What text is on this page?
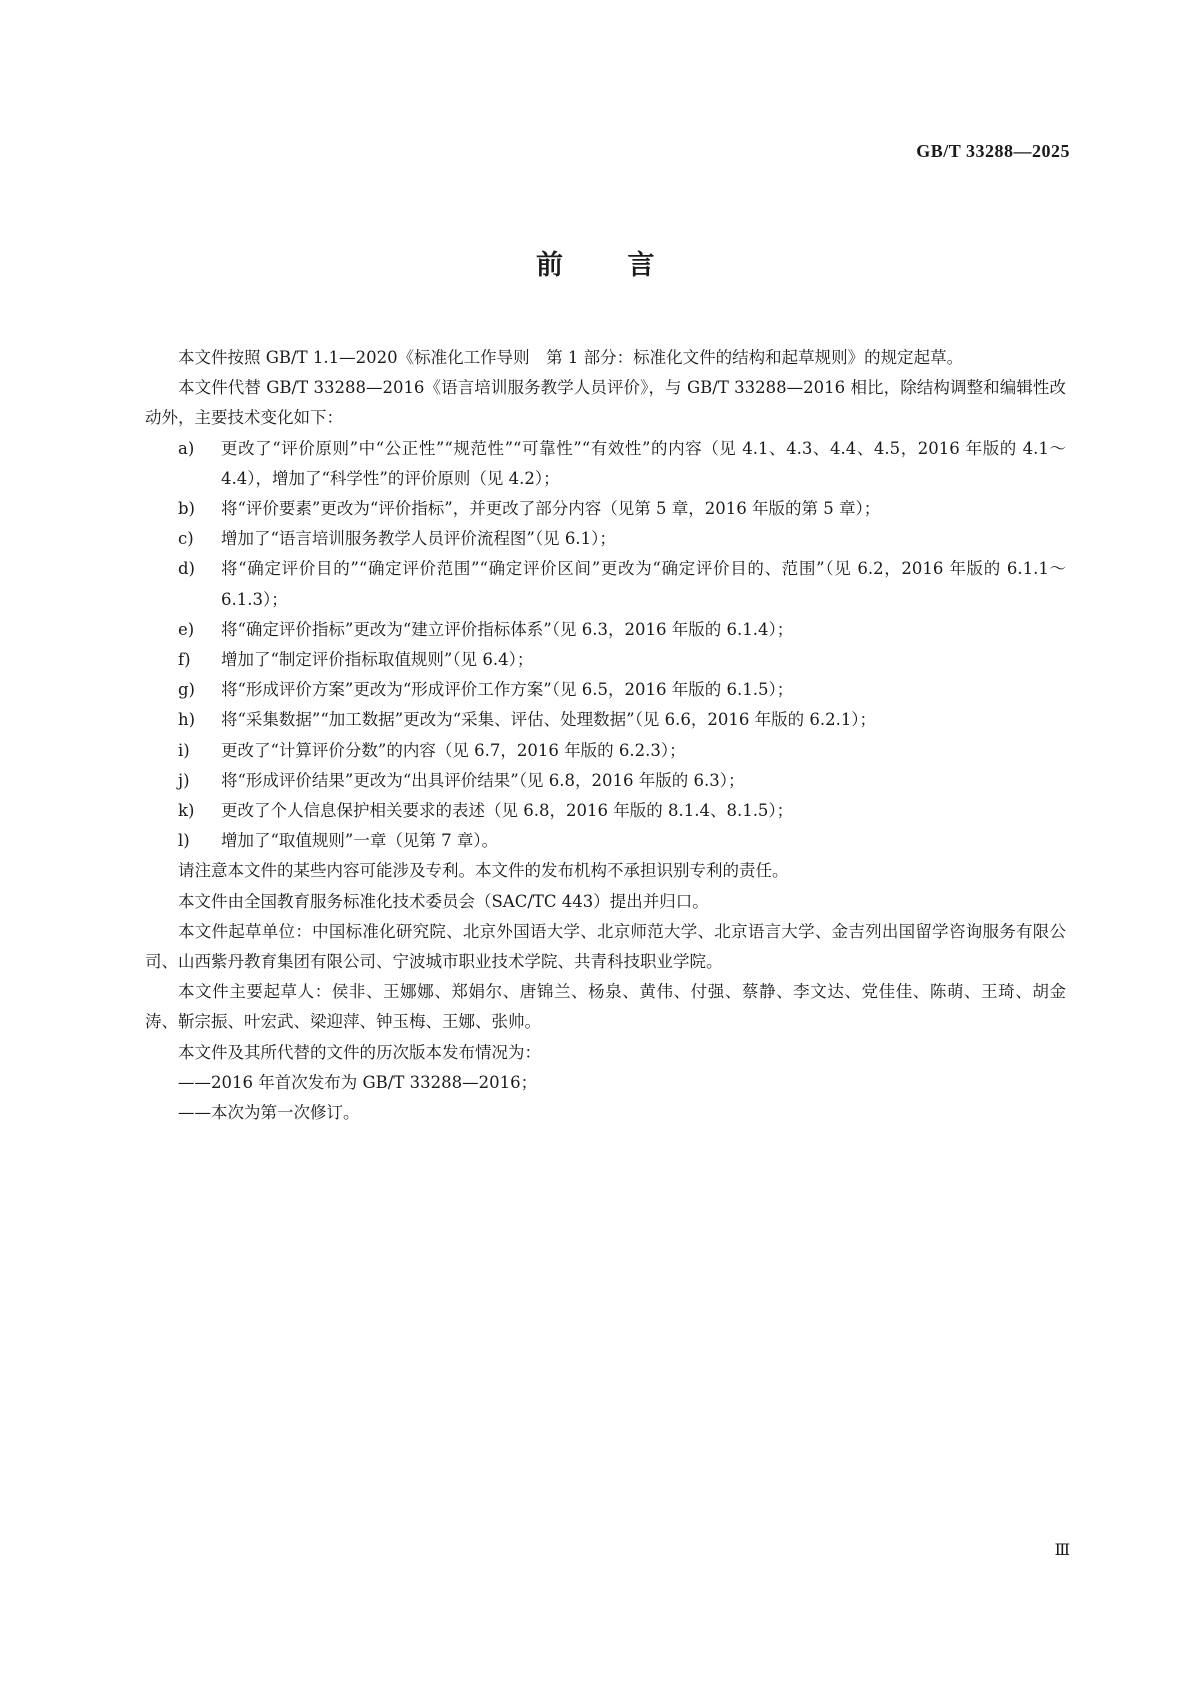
GB/T 33288—2025
前 言

本文件按照 GB/T 1.1—2020《标准化工作导则　第 1 部分：标准化文件的结构和起草规则》的规定起草。

本文件代替 GB/T 33288—2016《语言培训服务教学人员评价》，与 GB/T 33288—2016 相比，除结构调整和编辑性改动外，主要技术变化如下：

a)	更改了“评价原则”中“公正性”“规范性”“可靠性”“有效性”的内容（见 4.1、4.3、4.4、4.5，2016 年版的 4.1～4.4），增加了“科学性”的评价原则（见 4.2）；
b)	将“评价要素”更改为“评价指标”，并更改了部分内容（见第 5 章，2016 年版的第 5 章）；
c)	增加了“语言培训服务教学人员评价流程图”（见 6.1）；
d)	将“确定评价目的”“确定评价范围”“确定评价区间”更改为“确定评价目的、范围”（见 6.2，2016 年版的 6.1.1～6.1.3）；
e)	将“确定评价指标”更改为“建立评价指标体系”（见 6.3，2016 年版的 6.1.4）；
f)	增加了“制定评价指标取值规则”（见 6.4）；
g)	将“形成评价方案”更改为“形成评价工作方案”（见 6.5，2016 年版的 6.1.5）；
h)	将“采集数据”“加工数据”更改为“采集、评估、处理数据”（见 6.6，2016 年版的 6.2.1）；
i)	更改了“计算评价分数”的内容（见 6.7，2016 年版的 6.2.3）；
j)	将“形成评价结果”更改为“出具评价结果”（见 6.8，2016 年版的 6.3）；
k)	更改了个人信息保护相关要求的表述（见 6.8，2016 年版的 8.1.4、8.1.5）；
l)	增加了“取值规则”一章（见第 7 章）。

请注意本文件的某些内容可能涉及专利。本文件的发布机构不承担识别专利的责任。

本文件由全国教育服务标准化技术委员会（SAC/TC 443）提出并归口。

本文件起草单位：中国标准化研究院、北京外国语大学、北京师范大学、北京语言大学、金吉列出国留学咨询服务有限公司、山西紫丹教育集团有限公司、宁波城市职业技术学院、共青科技职业学院。

本文件主要起草人：侯非、王娜娜、郑娟尔、唐锦兰、杨泉、黄伟、付强、蔡静、李文达、党佳佳、陈萌、王琦、胡金涛、靳宗振、叶宏武、梁迎萍、钟玉梅、王娜、张帅。

本文件及其所代替的文件的历次版本发布情况为：

——2016 年首次发布为 GB/T 33288—2016；

——本次为第一次修订。

Ⅲ
